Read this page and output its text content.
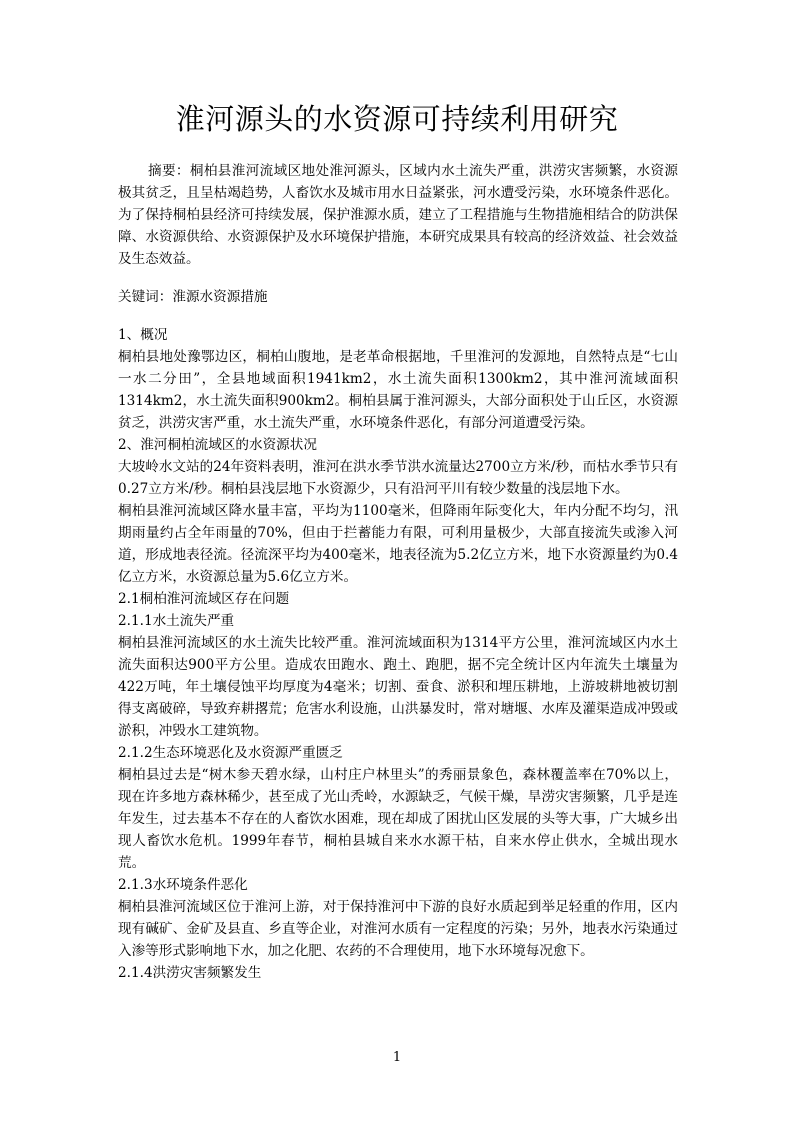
淮河源头的水资源可持续利用研究

摘要：桐柏县淮河流域区地处淮河源头，区域内水土流失严重，洪涝灾害频繁，水资源极其贫乏，且呈枯竭趋势，人畜饮水及城市用水日益紧张，河水遭受污染，水环境条件恶化。为了保持桐柏县经济可持续发展，保护淮源水质，建立了工程措施与生物措施相结合的防洪保障、水资源供给、水资源保护及水环境保护措施，本研究成果具有较高的经济效益、社会效益及生态效益。

关键词：淮源水资源措施

1、概况

桐柏县地处豫鄂边区，桐柏山腹地，是老革命根据地，千里淮河的发源地，自然特点是“七山一水二分田”，全县地域面积1941km2，水土流失面积1300km2，其中淮河流域面积1314km2，水土流失面积900km2。桐柏县属于淮河源头，大部分面积处于山丘区，水资源贫乏，洪涝灾害严重，水土流失严重，水环境条件恶化，有部分河道遭受污染。

2、淮河桐柏流域区的水资源状况

大坡岭水文站的24年资料表明，淮河在洪水季节洪水流量达2700立方米/秒，而枯水季节只有0.27立方米/秒。桐柏县浅层地下水资源少，只有沿河平川有较少数量的浅层地下水。

桐柏县淮河流域区降水量丰富，平均为1100毫米，但降雨年际变化大，年内分配不均匀，汛期雨量约占全年雨量的70%，但由于拦蓄能力有限，可利用量极少，大部直接流失或渗入河道，形成地表径流。径流深平均为400毫米，地表径流为5.2亿立方米，地下水资源量约为0.4亿立方米，水资源总量为5.6亿立方米。

2.1桐柏淮河流域区存在问题

2.1.1水土流失严重

桐柏县淮河流域区的水土流失比较严重。淮河流域面积为1314平方公里，淮河流域区内水土流失面积达900平方公里。造成农田跑水、跑土、跑肥，据不完全统计区内年流失土壤量为422万吨，年土壤侵蚀平均厚度为4毫米；切割、蚕食、淤积和埋压耕地，上游坡耕地被切割得支离破碎，导致弃耕撂荒；危害水利设施，山洪暴发时，常对塘堰、水库及灌渠造成冲毁或淤积，冲毁水工建筑物。

2.1.2生态环境恶化及水资源严重匮乏

桐柏县过去是“树木参天碧水绿，山村庄户林里头”的秀丽景象色，森林覆盖率在70%以上，现在许多地方森林稀少，甚至成了光山秃岭，水源缺乏，气候干燥，旱涝灾害频繁，几乎是连年发生，过去基本不存在的人畜饮水困难，现在却成了困扰山区发展的头等大事，广大城乡出现人畜饮水危机。1999年春节，桐柏县城自来水水源干枯，自来水停止供水，全城出现水荒。

2.1.3水环境条件恶化

桐柏县淮河流域区位于淮河上游，对于保持淮河中下游的良好水质起到举足轻重的作用，区内现有碱矿、金矿及县直、乡直等企业，对淮河水质有一定程度的污染；另外，地表水污染通过入渗等形式影响地下水，加之化肥、农药的不合理使用，地下水环境每况愈下。

2.1.4洪涝灾害频繁发生

1
